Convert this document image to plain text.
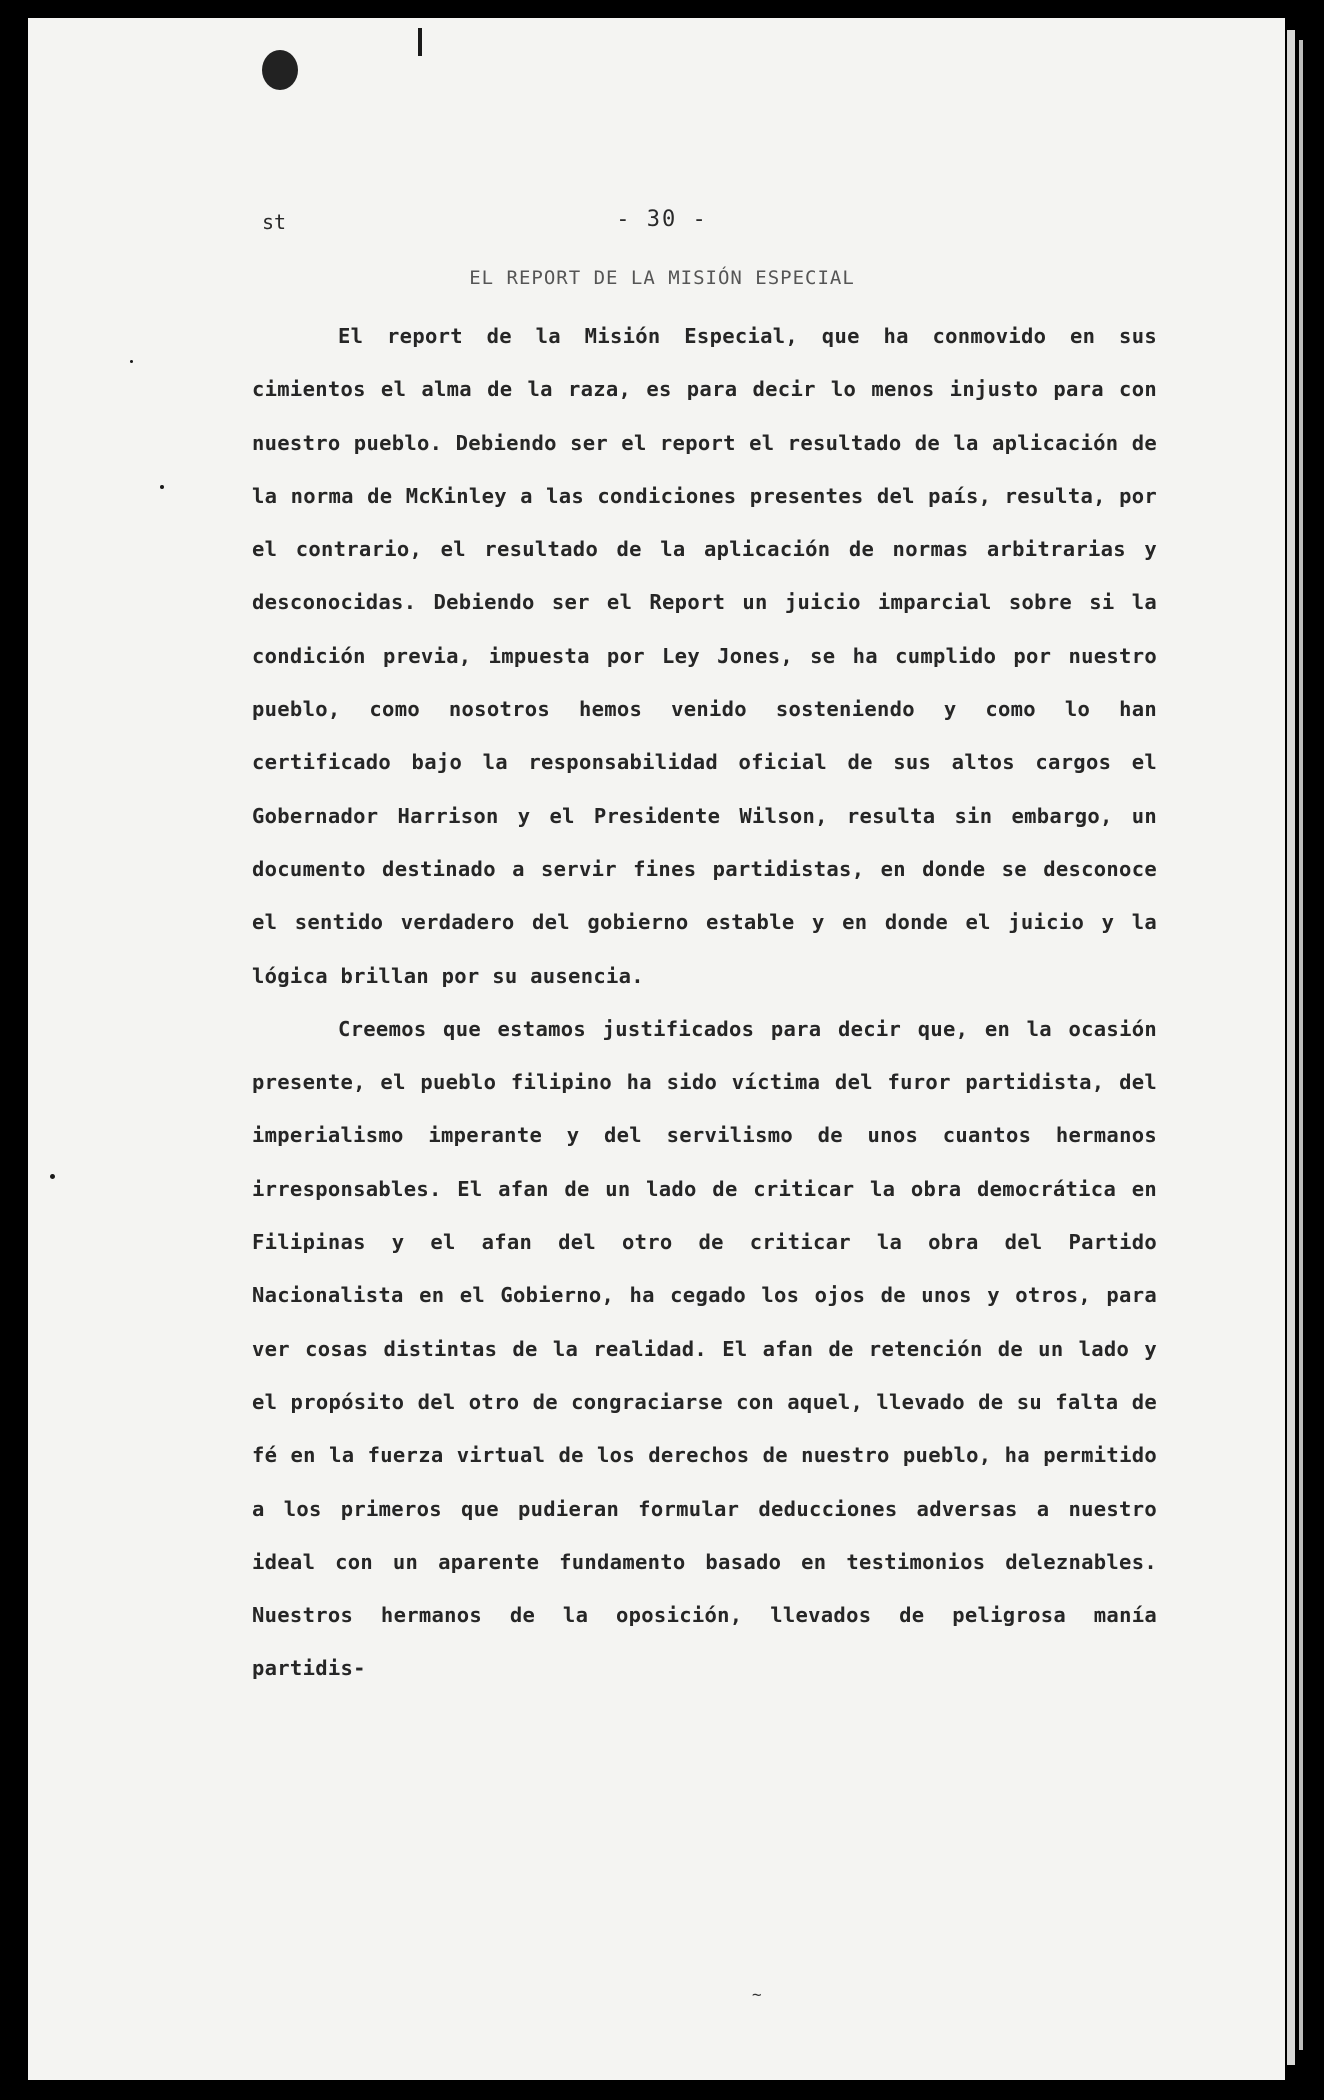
st	- 30 -
EL REPORT DE LA MISIÓN ESPECIAL

El report de la Misión Especial, que ha conmovido en sus cimientos el alma de la raza, es para decir lo menos injusto para con nuestro pueblo. Debiendo ser el report el resultado de la aplicación de la norma de McKinley a las condiciones presentes del país, resulta, por el contrario, el resultado de la aplicación de normas arbitrarias y desconocidas. Debiendo ser el Report un juicio imparcial sobre si la condición previa, impuesta por Ley Jones, se ha cumplido por nuestro pueblo, como nosotros hemos venido sosteniendo y como lo han certificado bajo la responsabilidad oficial de sus altos cargos el Gobernador Harrison y el Presidente Wilson, resulta sin embargo, un documento destinado a servir fines partidistas, en donde se desconoce el sentido verdadero del gobierno estable y en donde el juicio y la lógica brillan por su ausencia.

Creemos que estamos justificados para decir que, en la ocasión presente, el pueblo filipino ha sido víctima del furor partidista, del imperialismo imperante y del servilismo de unos cuantos hermanos irresponsables. El afan de un lado de criticar la obra democrática en Filipinas y el afan del otro de criticar la obra del Partido Nacionalista en el Gobierno, ha cegado los ojos de unos y otros, para ver cosas distintas de la realidad. El afan de retención de un lado y el propósito del otro de congraciarse con aquel, llevado de su falta de fé en la fuerza virtual de los derechos de nuestro pueblo, ha permitido a los primeros que pudieran formular deducciones adversas a nuestro ideal con un aparente fundamento basado en testimonios deleznables. Nuestros hermanos de la oposición, llevados de peligrosa manía partidis-

~
